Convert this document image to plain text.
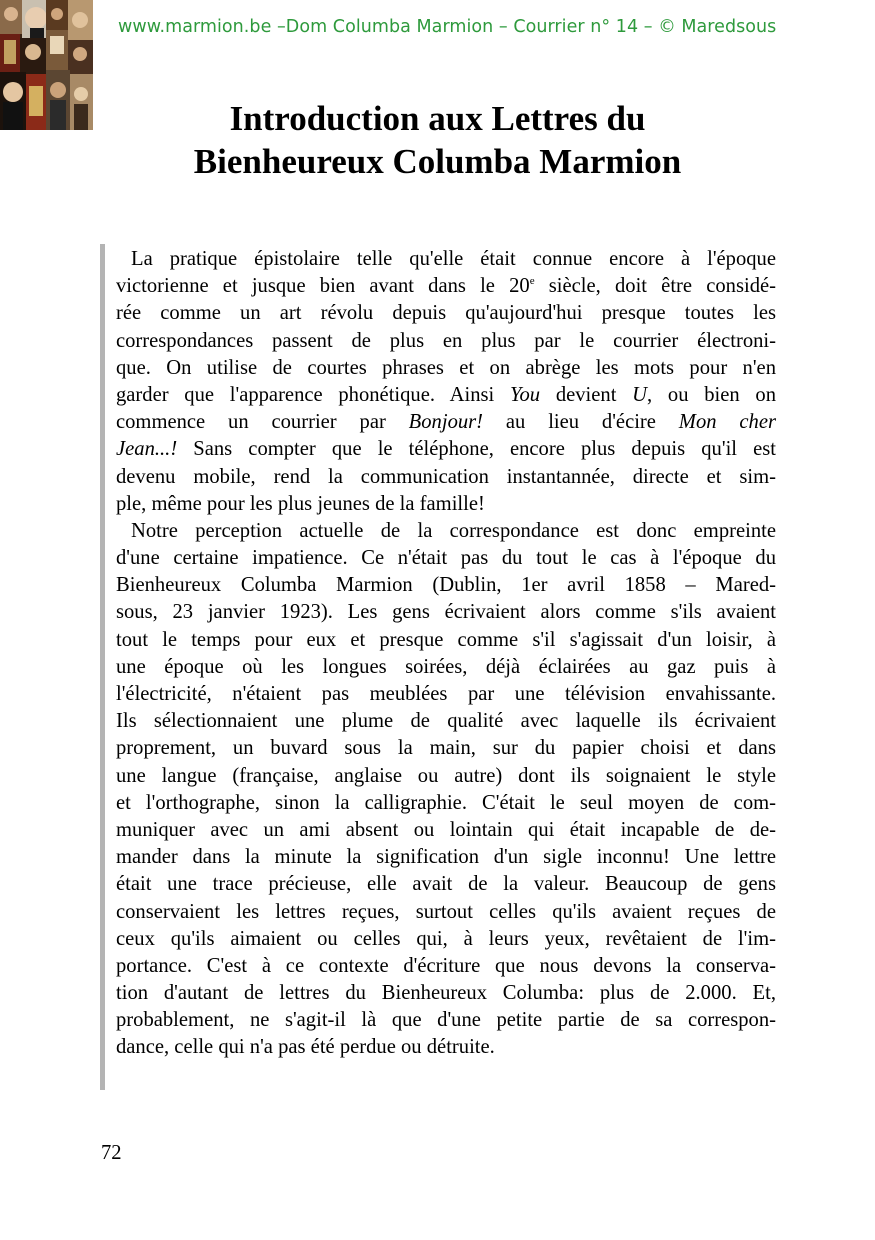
www.marmion.be –Dom Columba Marmion – Courrier n° 14 – © Maredsous
Introduction aux Lettres du
Bienheureux Columba Marmion
La pratique épistolaire telle qu'elle était connue encore à l'époque
victorienne et jusque bien avant dans le 20e siècle, doit être considé-
rée comme un art révolu depuis qu'aujourd'hui presque toutes les
correspondances passent de plus en plus par le courrier électroni-
que. On utilise de courtes phrases et on abrège les mots pour n'en
garder que l'apparence phonétique. Ainsi You devient U, ou bien on
commence un courrier par Bonjour! au lieu d'écire Mon cher
Jean...! Sans compter que le téléphone, encore plus depuis qu'il est
devenu mobile, rend la communication instantannée, directe et sim-
ple, même pour les plus jeunes de la famille!
Notre perception actuelle de la correspondance est donc empreinte
d'une certaine impatience. Ce n'était pas du tout le cas à l'époque du
Bienheureux Columba Marmion (Dublin, 1er avril 1858 – Mared-
sous, 23 janvier 1923). Les gens écrivaient alors comme s'ils avaient
tout le temps pour eux et presque comme s'il s'agissait d'un loisir, à
une époque où les longues soirées, déjà éclairées au gaz puis à
l'électricité, n'étaient pas meublées par une télévision envahissante.
Ils sélectionnaient une plume de qualité avec laquelle ils écrivaient
proprement, un buvard sous la main, sur du papier choisi et dans
une langue (française, anglaise ou autre) dont ils soignaient le style
et l'orthographe, sinon la calligraphie. C'était le seul moyen de com-
muniquer avec un ami absent ou lointain qui était incapable de de-
mander dans la minute la signification d'un sigle inconnu! Une lettre
était une trace précieuse, elle avait de la valeur. Beaucoup de gens
conservaient les lettres reçues, surtout celles qu'ils avaient reçues de
ceux qu'ils aimaient ou celles qui, à leurs yeux, revêtaient de l'im-
portance. C'est à ce contexte d'écriture que nous devons la conserva-
tion d'autant de lettres du Bienheureux Columba: plus de 2.000. Et,
probablement, ne s'agit-il là que d'une petite partie de sa correspon-
dance, celle qui n'a pas été perdue ou détruite.
72
